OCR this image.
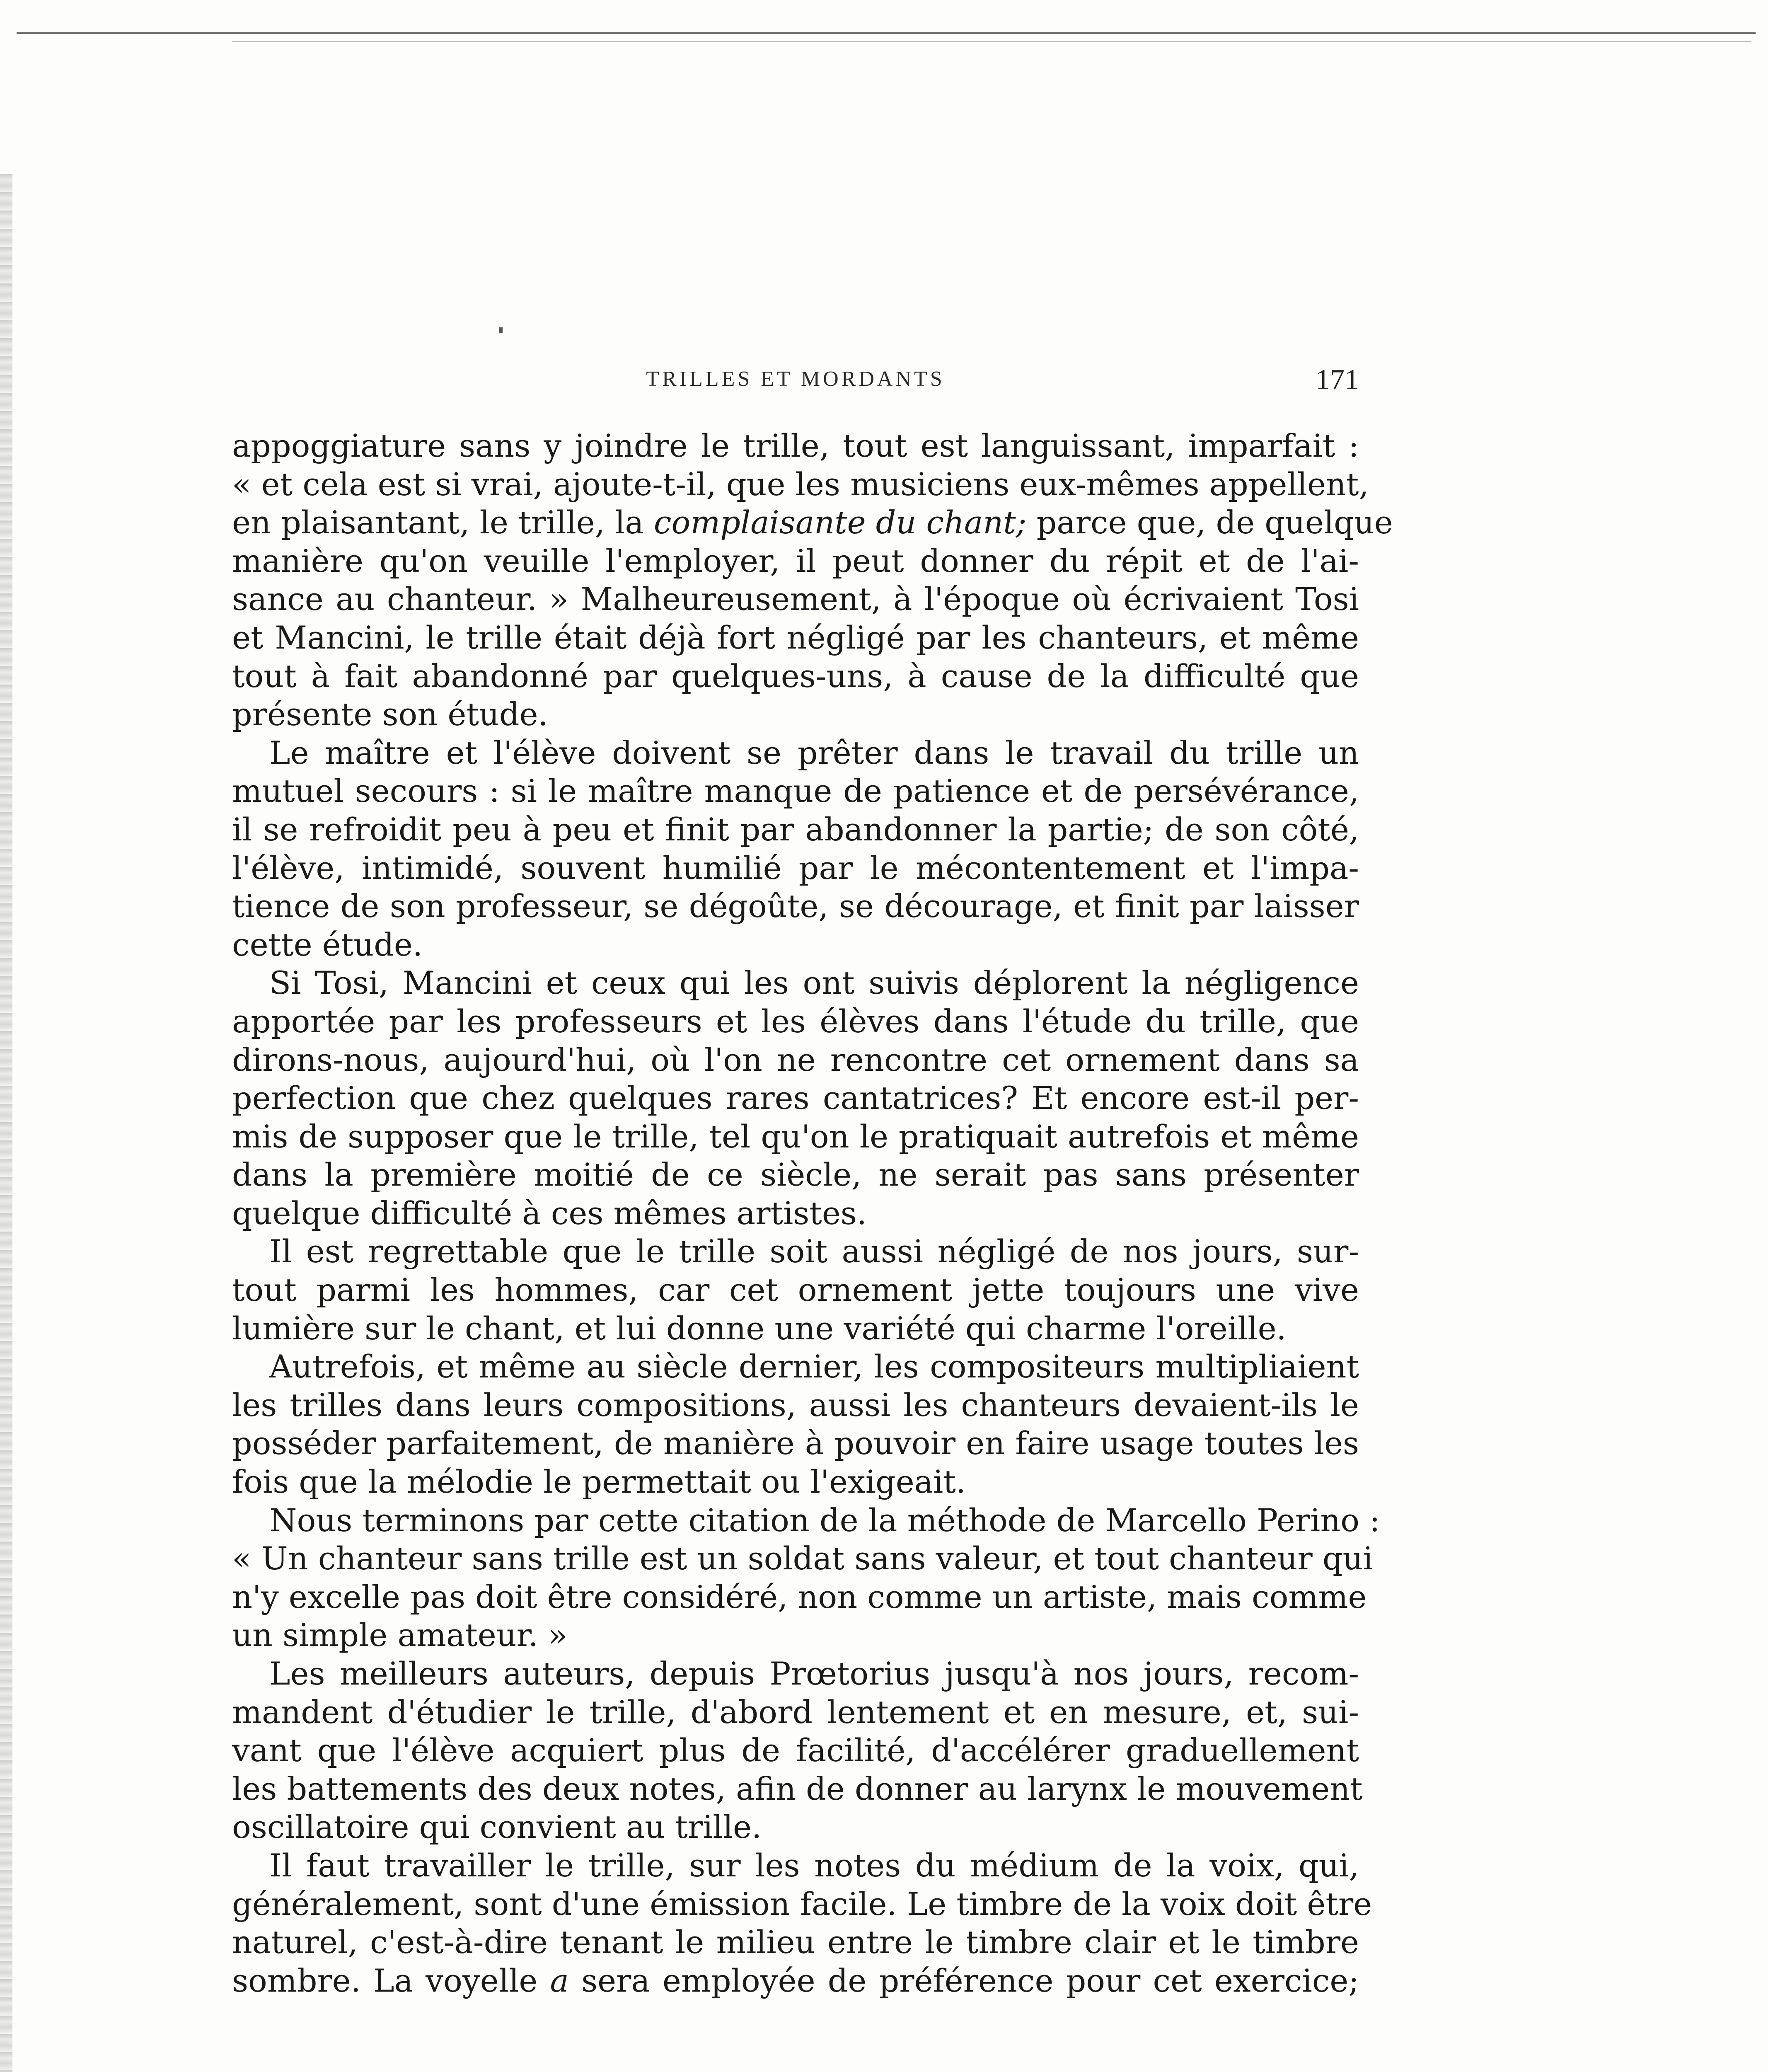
TRILLES ET MORDANTS	171
appoggiature sans y joindre le trille, tout est languissant, imparfait :
« et cela est si vrai, ajoute-t-il, que les musiciens eux-mêmes appellent,
en plaisantant, le trille, la complaisante du chant; parce que, de quelque
manière qu'on veuille l'employer, il peut donner du répit et de l'ai-
sance au chanteur. » Malheureusement, à l'époque où écrivaient Tosi
et Mancini, le trille était déjà fort négligé par les chanteurs, et même
tout à fait abandonné par quelques-uns, à cause de la difficulté que
présente son étude.
Le maître et l'élève doivent se prêter dans le travail du trille un
mutuel secours : si le maître manque de patience et de persévérance,
il se refroidit peu à peu et finit par abandonner la partie; de son côté,
l'élève, intimidé, souvent humilié par le mécontentement et l'impa-
tience de son professeur, se dégoûte, se décourage, et finit par laisser
cette étude.
Si Tosi, Mancini et ceux qui les ont suivis déplorent la négligence
apportée par les professeurs et les élèves dans l'étude du trille, que
dirons-nous, aujourd'hui, où l'on ne rencontre cet ornement dans sa
perfection que chez quelques rares cantatrices? Et encore est-il per-
mis de supposer que le trille, tel qu'on le pratiquait autrefois et même
dans la première moitié de ce siècle, ne serait pas sans présenter
quelque difficulté à ces mêmes artistes.
Il est regrettable que le trille soit aussi négligé de nos jours, sur-
tout parmi les hommes, car cet ornement jette toujours une vive
lumière sur le chant, et lui donne une variété qui charme l'oreille.
Autrefois, et même au siècle dernier, les compositeurs multipliaient
les trilles dans leurs compositions, aussi les chanteurs devaient-ils le
posséder parfaitement, de manière à pouvoir en faire usage toutes les
fois que la mélodie le permettait ou l'exigeait.
Nous terminons par cette citation de la méthode de Marcello Perino :
« Un chanteur sans trille est un soldat sans valeur, et tout chanteur qui
n'y excelle pas doit être considéré, non comme un artiste, mais comme
un simple amateur. »
Les meilleurs auteurs, depuis Prœtorius jusqu'à nos jours, recom-
mandent d'étudier le trille, d'abord lentement et en mesure, et, sui-
vant que l'élève acquiert plus de facilité, d'accélérer graduellement
les battements des deux notes, afin de donner au larynx le mouvement
oscillatoire qui convient au trille.
Il faut travailler le trille, sur les notes du médium de la voix, qui,
généralement, sont d'une émission facile. Le timbre de la voix doit être
naturel, c'est-à-dire tenant le milieu entre le timbre clair et le timbre
sombre. La voyelle a sera employée de préférence pour cet exercice;
